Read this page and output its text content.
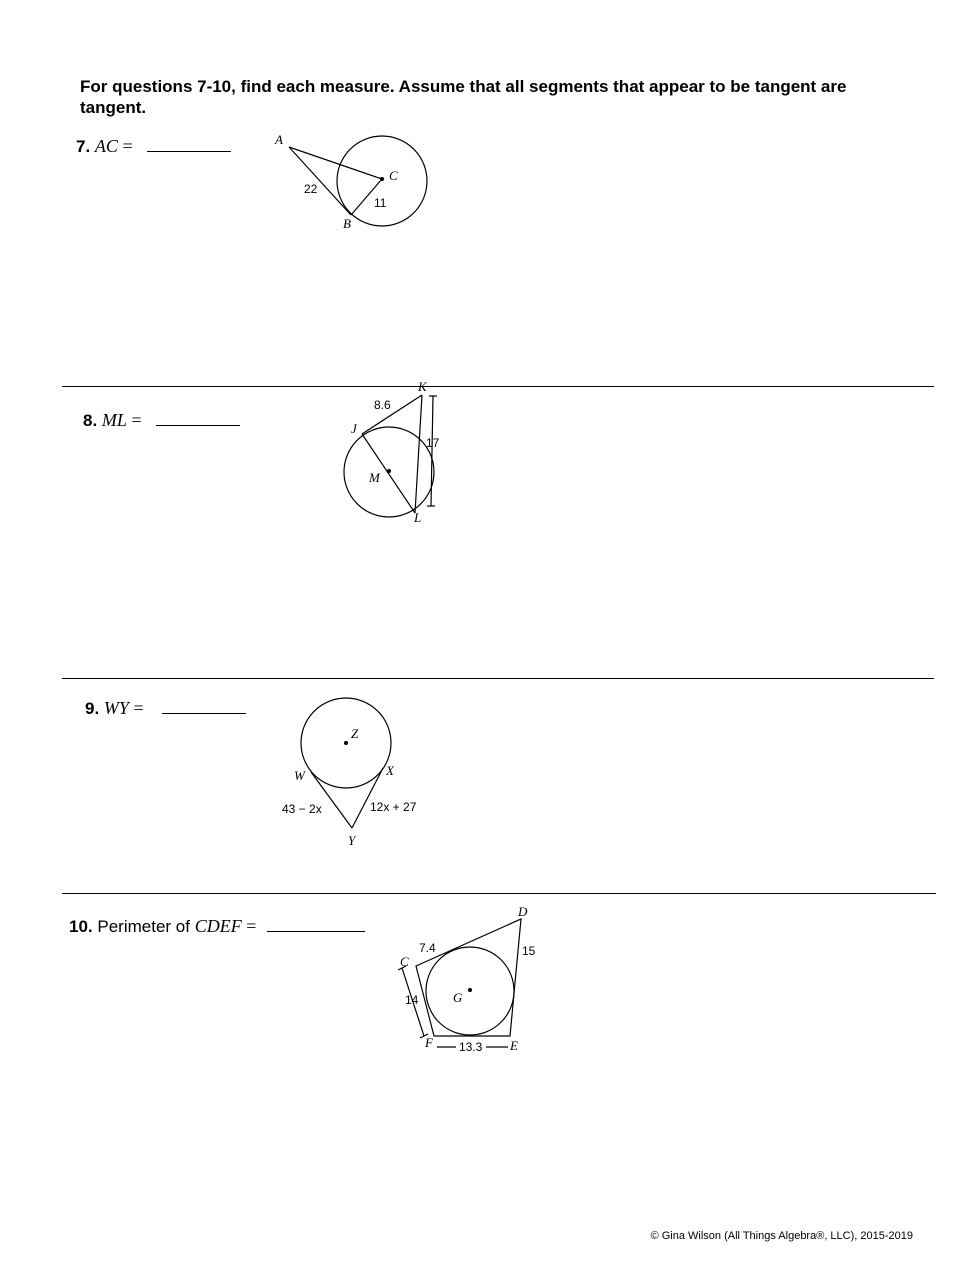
For questions 7-10, find each measure. Assume that all segments that appear to be tangent are tangent.
7. AC =
8. ML =
9. WY =
10. Perimeter of CDEF =
A
C
B
22
11
K
J
M
L
8.6
17
Z
W	X
Y
43 − 2x	12x + 27
D
C
G
F	E
7.4	15
14
13.3
© Gina Wilson (All Things Algebra®, LLC), 2015-2019
